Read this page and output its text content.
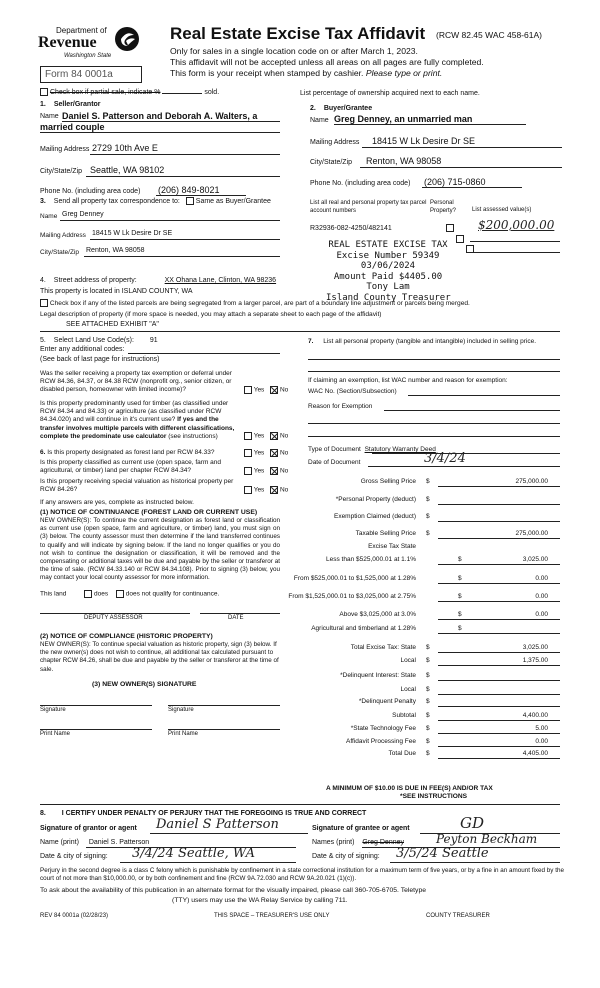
Department of
Revenue
Washington State
Real Estate Excise Tax Affidavit (RCW 82.45 WAC 458-61A)
Only for sales in a single location code on or after March 1, 2023.
This affidavit will not be accepted unless all areas on all pages are fully completed.
This form is your receipt when stamped by cashier. Please type or print.
Form 84 0001a
Check box if partial sale, indicate %	sold.	List percentage of ownership acquired next to each name.
1. Seller/Grantor
Name Daniel S. Patterson and Deborah A. Walters, a
married couple
Mailing Address 2729 10th Ave E
City/State/Zip Seattle, WA 98102
Phone No. (including area code) (206) 849-8021
2. Buyer/Grantee
Name Greg Denney, an unmarried man
Mailing Address 18415 W Lk Desire Dr SE
City/State/Zip Renton, WA 98058
Phone No. (including area code) (206) 715-0860
3. Send all property tax correspondence to: Same as Buyer/Grantee
Name Greg Denney
Mailing Address 18415 W Lk Desire Dr SE
City/State/Zip Renton, WA 98058
List all real and personal property tax parcel account numbers
Personal Property?	List assessed value(s)
R32936-082-4250/482141
	$200,000.00
REAL ESTATE EXCISE TAX
Excise Number 59349
03/06/2024
Amount Paid $4405.00
Tony Lam
Island County Treasurer
4. Street address of property:	XX Ohana Lane, Clinton, WA 98236
This property is located in ISLAND COUNTY, WA
Check box if any of the listed parcels are being segregated from a larger parcel, are part of a boundary line adjustment or parcels being merged.
Legal description of property (if more space is needed, you may attach a separate sheet to each page of the affidavit)
SEE ATTACHED EXHIBIT "A"
5. Select Land Use Code(s): 91
Enter any additional codes:
(See back of last page for instructions)
Was the seller receiving a property tax exemption or deferral under RCW 84.36, 84.37, or 84.38 RCW (nonprofit org., senior citizen, or disabled person, homeowner with limited income)?	Yes No
Is this property predominantly used for timber (as classified under RCW 84.34 and 84.33) or agriculture (as classified under RCW 84.34.020) and will continue in it's current use? If yes and the transfer involves multiple parcels with different classifications, complete the predominate use calculator (see instructions)	Yes No
6. Is this property designated as forest land per RCW 84.33?	Yes No
Is this property classified as current use (open space, farm and agricultural, or timber) land per chapter RCW 84.34?	Yes No
Is this property receiving special valuation as historical property per RCW 84.26?	Yes No
If any answers are yes, complete as instructed below.
(1) NOTICE OF CONTINUANCE (FOREST LAND OR CURRENT USE)
NEW OWNER(S): To continue the current designation as forest land or classification as current use (open space, farm and agriculture, or timber) land, you must sign on (3) below. The county assessor must then determine if the land transferred continues to qualify and will indicate by signing below. If the land no longer qualifies or you do not wish to continue the designation or classification, it will be removed and the compensating or additional taxes will be due and payable by the seller or transferor at the time of sale. (RCW 84.33.140 or RCW 84.34.108). Prior to signing (3) below, you may contact your local county assessor for more information.
This land	does	does not qualify for continuance.
DEPUTY ASSESSOR	DATE
(2) NOTICE OF COMPLIANCE (HISTORIC PROPERTY)
NEW OWNER(S): To continue special valuation as historic property, sign (3) below. If the new owner(s) does not wish to continue, all additional tax calculated pursuant to chapter RCW 84.26, shall be due and payable by the seller or transferor at the time of sale.
(3) NEW OWNER(S) SIGNATURE
Signature	Signature
Print Name	Print Name
7. List all personal property (tangible and intangible) included in selling price.
If claiming an exemption, list WAC number and reason for exemption:
WAC No. (Section/Subsection)
Reason for Exemption
Type of Document Statutory Warranty Deed
Date of Document	3/4/24
Gross Selling Price $	275,000.00
*Personal Property (deduct) $
Exemption Claimed (deduct) $
Taxable Selling Price $	275,000.00
Excise Tax State
Less than $525,000.01 at 1.1%	$	3,025.00
From $525,000.01 to $1,525,000 at 1.28%	$	0.00
From $1,525,000.01 to $3,025,000 at 2.75%	$	0.00
Above $3,025,000 at 3.0%	$	0.00
Agricultural and timberland at 1.28%	$
Total Excise Tax: State $	3,025.00
Local $	1,375.00
*Delinquent Interest: State $
Local $
*Delinquent Penalty $
Subtotal $	4,400.00
*State Technology Fee $	5.00
Affidavit Processing Fee $	0.00
Total Due $	4,405.00
A MINIMUM OF $10.00 IS DUE IN FEE(S) AND/OR TAX
*SEE INSTRUCTIONS
8. I CERTIFY UNDER PENALTY OF PERJURY THAT THE FOREGOING IS TRUE AND CORRECT
Signature of grantor or agent Daniel S Patterson	Signature of grantee or agent	GD
Name (print) Daniel S. Patterson	Names (print) Greg Denney	Peyton Beckham
Date & city of signing: 3/4/24 Seattle, WA	Date & city of signing: 3/5/24 Seattle
Perjury in the second degree is a class C felony which is punishable by confinement in a state correctional institution for a maximum term of five years, or by a fine in an amount fixed by the court of not more than $10,000.00, or by both confinement and fine (RCW 9A.72.030 and RCW 9A.20.021 (1)(c)).
To ask about the availability of this publication in an alternate format for the visually impaired, please call 360-705-6705. Teletype
(TTY) users may use the WA Relay Service by calling 711.
REV 84 0001a (02/28/23)	THIS SPACE – TREASURER'S USE ONLY	COUNTY TREASURER
